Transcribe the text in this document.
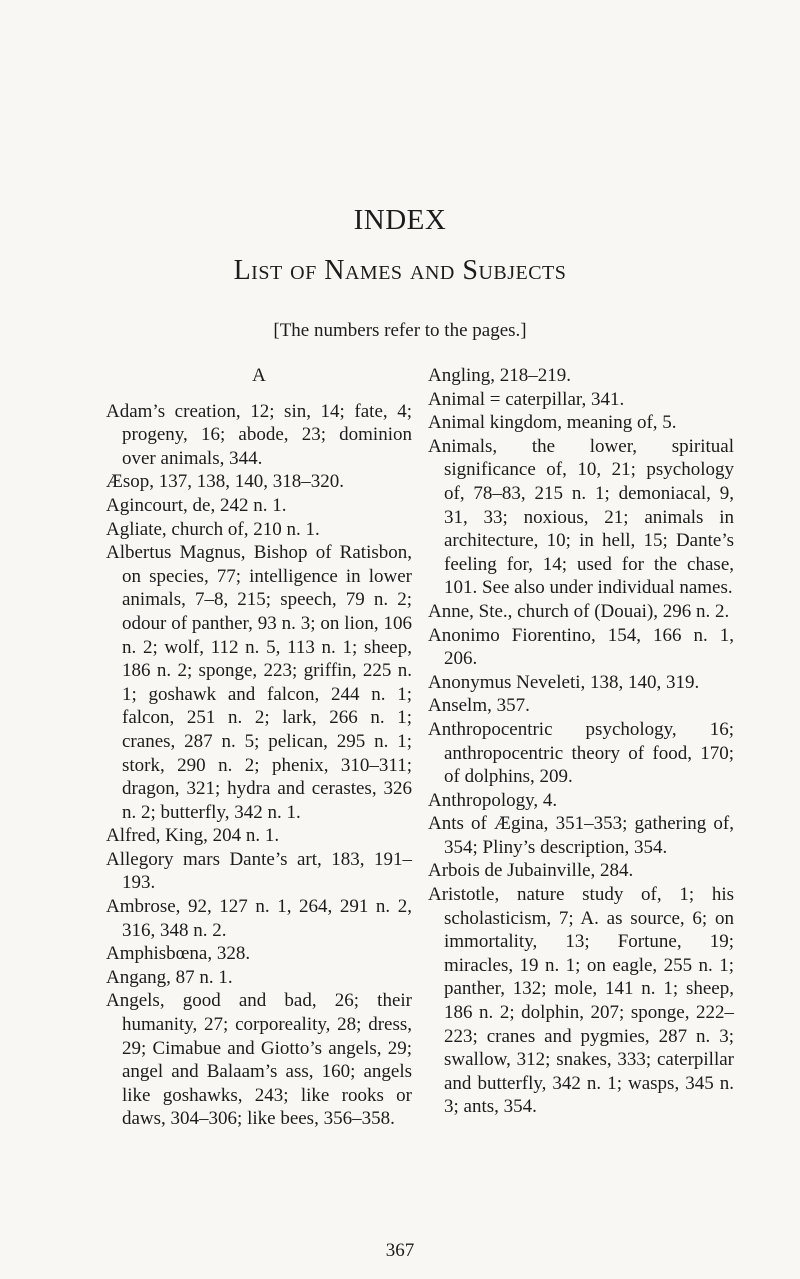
INDEX
List of Names and Subjects
[The numbers refer to the pages.]
A

Adam’s creation, 12; sin, 14; fate, 4; progeny, 16; abode, 23; dominion over animals, 344.

Æsop, 137, 138, 140, 318–320.

Agincourt, de, 242 n. 1.

Agliate, church of, 210 n. 1.

Albertus Magnus, Bishop of Ratisbon, on species, 77; intelligence in lower animals, 7–8, 215; speech, 79 n. 2; odour of panther, 93 n. 3; on lion, 106 n. 2; wolf, 112 n. 5, 113 n. 1; sheep, 186 n. 2; sponge, 223; griffin, 225 n. 1; goshawk and falcon, 244 n. 1; falcon, 251 n. 2; lark, 266 n. 1; cranes, 287 n. 5; pelican, 295 n. 1; stork, 290 n. 2; phenix, 310–311; dragon, 321; hydra and cerastes, 326 n. 2; butterfly, 342 n. 1.

Alfred, King, 204 n. 1.

Allegory mars Dante’s art, 183, 191–193.

Ambrose, 92, 127 n. 1, 264, 291 n. 2, 316, 348 n. 2.

Amphisbœna, 328.

Angang, 87 n. 1.

Angels, good and bad, 26; their humanity, 27; corporeality, 28; dress, 29; Cimabue and Giotto’s angels, 29; angel and Balaam’s ass, 160; angels like goshawks, 243; like rooks or daws, 304–306; like bees, 356–358.

Angling, 218–219.

Animal = caterpillar, 341.

Animal kingdom, meaning of, 5.

Animals, the lower, spiritual significance of, 10, 21; psychology of, 78–83, 215 n. 1; demoniacal, 9, 31, 33; noxious, 21; animals in architecture, 10; in hell, 15; Dante’s feeling for, 14; used for the chase, 101. See also under individual names.

Anne, Ste., church of (Douai), 296 n. 2.

Anonimo Fiorentino, 154, 166 n. 1, 206.

Anonymus Neveleti, 138, 140, 319.

Anselm, 357.

Anthropocentric psychology, 16; anthropocentric theory of food, 170; of dolphins, 209.

Anthropology, 4.

Ants of Ægina, 351–353; gathering of, 354; Pliny’s description, 354.

Arbois de Jubainville, 284.

Aristotle, nature study of, 1; his scholasticism, 7; A. as source, 6; on immortality, 13; Fortune, 19; miracles, 19 n. 1; on eagle, 255 n. 1; panther, 132; mole, 141 n. 1; sheep, 186 n. 2; dolphin, 207; sponge, 222–223; cranes and pygmies, 287 n. 3; swallow, 312; snakes, 333; caterpillar and butterfly, 342 n. 1; wasps, 345 n. 3; ants, 354.

367
